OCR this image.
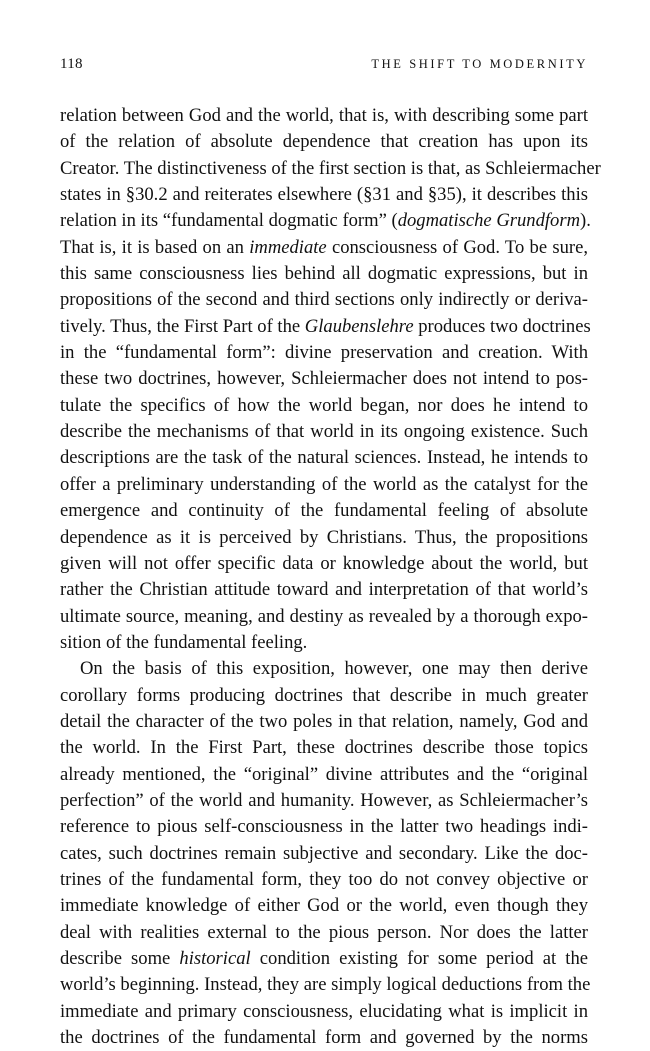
118	THE SHIFT TO MODERNITY
relation between God and the world, that is, with describing some part
of the relation of absolute dependence that creation has upon its
Creator. The distinctiveness of the first section is that, as Schleiermacher
states in §30.2 and reiterates elsewhere (§31 and §35), it describes this
relation in its “fundamental dogmatic form” (dogmatische Grundform).
That is, it is based on an immediate consciousness of God. To be sure,
this same consciousness lies behind all dogmatic expressions, but in
propositions of the second and third sections only indirectly or deriva-
tively. Thus, the First Part of the Glaubenslehre produces two doctrines
in the “fundamental form”: divine preservation and creation. With
these two doctrines, however, Schleiermacher does not intend to pos-
tulate the specifics of how the world began, nor does he intend to
describe the mechanisms of that world in its ongoing existence. Such
descriptions are the task of the natural sciences. Instead, he intends to
offer a preliminary understanding of the world as the catalyst for the
emergence and continuity of the fundamental feeling of absolute
dependence as it is perceived by Christians. Thus, the propositions
given will not offer specific data or knowledge about the world, but
rather the Christian attitude toward and interpretation of that world’s
ultimate source, meaning, and destiny as revealed by a thorough expo-
sition of the fundamental feeling.
On the basis of this exposition, however, one may then derive
corollary forms producing doctrines that describe in much greater
detail the character of the two poles in that relation, namely, God and
the world. In the First Part, these doctrines describe those topics
already mentioned, the “original” divine attributes and the “original
perfection” of the world and humanity. However, as Schleiermacher’s
reference to pious self-consciousness in the latter two headings indi-
cates, such doctrines remain subjective and secondary. Like the doc-
trines of the fundamental form, they too do not convey objective or
immediate knowledge of either God or the world, even though they
deal with realities external to the pious person. Nor does the latter
describe some historical condition existing for some period at the
world’s beginning. Instead, they are simply logical deductions from the
immediate and primary consciousness, elucidating what is implicit in
the doctrines of the fundamental form and governed by the norms
